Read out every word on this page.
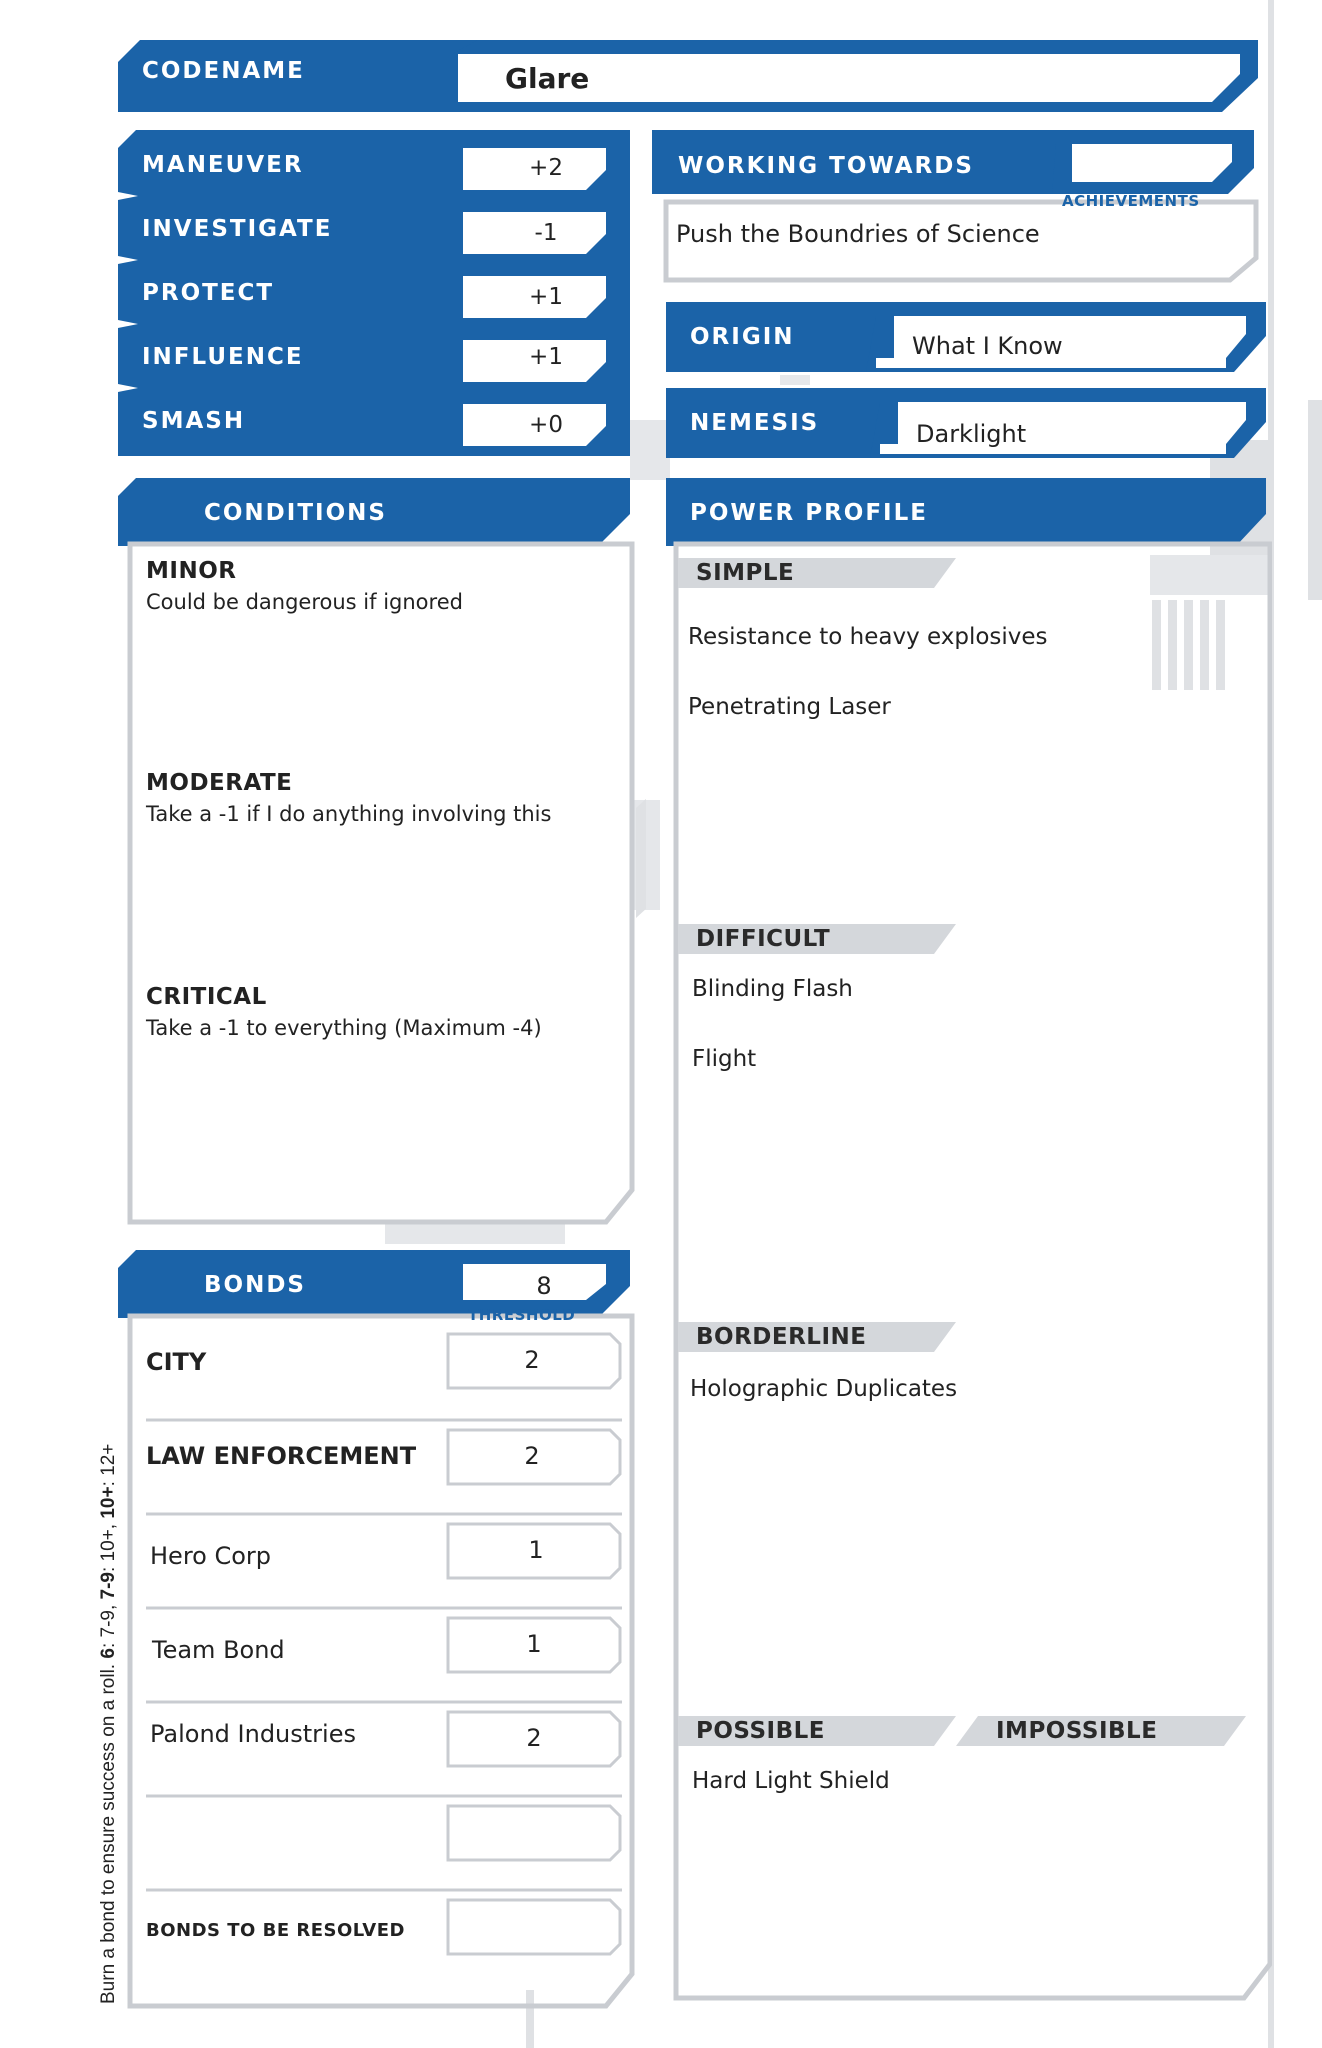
CODENAME	Glare
MANEUVER	+2
INVESTIGATE	-1
PROTECT	+1
INFLUENCE	+1
SMASH	+0
WORKING TOWARDS
ACHIEVEMENTS
Push the Boundries of Science
ORIGIN	What I Know
NEMESIS	Darklight
CONDITIONS
MINOR
Could be dangerous if ignored
MODERATE
Take a -1 if I do anything involving this
CRITICAL
Take a -1 to everything (Maximum -4)
POWER PROFILE
SIMPLE
Resistance to heavy explosives
Penetrating Laser
DIFFICULT
Blinding Flash
Flight
BORDERLINE
Holographic Duplicates
POSSIBLE	IMPOSSIBLE
Hard Light Shield
BONDS	8
THRESHOLD
CITY	2
LAW ENFORCEMENT	2
Hero Corp	1
Team Bond	1
Palond Industries	2
BONDS TO BE RESOLVED
Burn a bond to ensure success on a roll. 6: 7-9, 7-9: 10+, 10+: 12+
